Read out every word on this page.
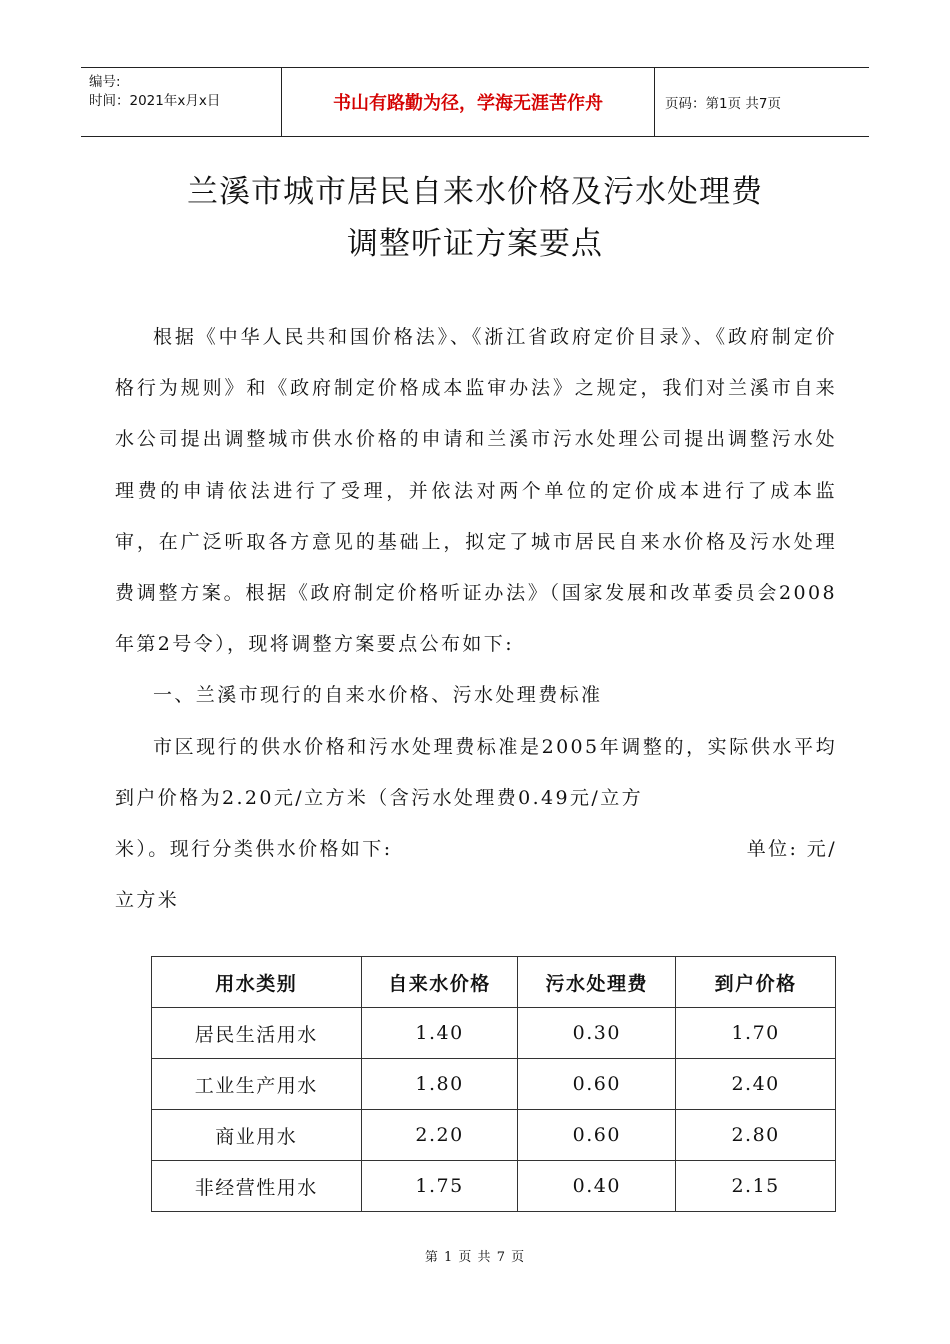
编号:
时间：2021年x月x日	书山有路勤为径，学海无涯苦作舟	页码：第1页 共7页
兰溪市城市居民自来水价格及污水处理费
调整听证方案要点

根据《中华人民共和国价格法》、《浙江省政府定价目录》、《政府制定价格行为规则》和《政府制定价格成本监审办法》之规定，我们对兰溪市自来水公司提出调整城市供水价格的申请和兰溪市污水处理公司提出调整污水处理费的申请依法进行了受理，并依法对两个单位的定价成本进行了成本监审，在广泛听取各方意见的基础上，拟定了城市居民自来水价格及污水处理费调整方案。根据《政府制定价格听证办法》（国家发展和改革委员会2008年第2号令），现将调整方案要点公布如下:

一、兰溪市现行的自来水价格、污水处理费标准

市区现行的供水价格和污水处理费标准是2005年调整的，实际供水平均到户价格为2.20元/立方米（含污水处理费0.49元/立方

米）。现行分类供水价格如下:	单位: 元/
立方米
用水类别	自来水价格	污水处理费	到户价格
居民生活用水	1.40	0.30	1.70
工业生产用水	1.80	0.60	2.40
商业用水	2.20	0.60	2.80
非经营性用水	1.75	0.40	2.15
第 1 页 共 7 页
